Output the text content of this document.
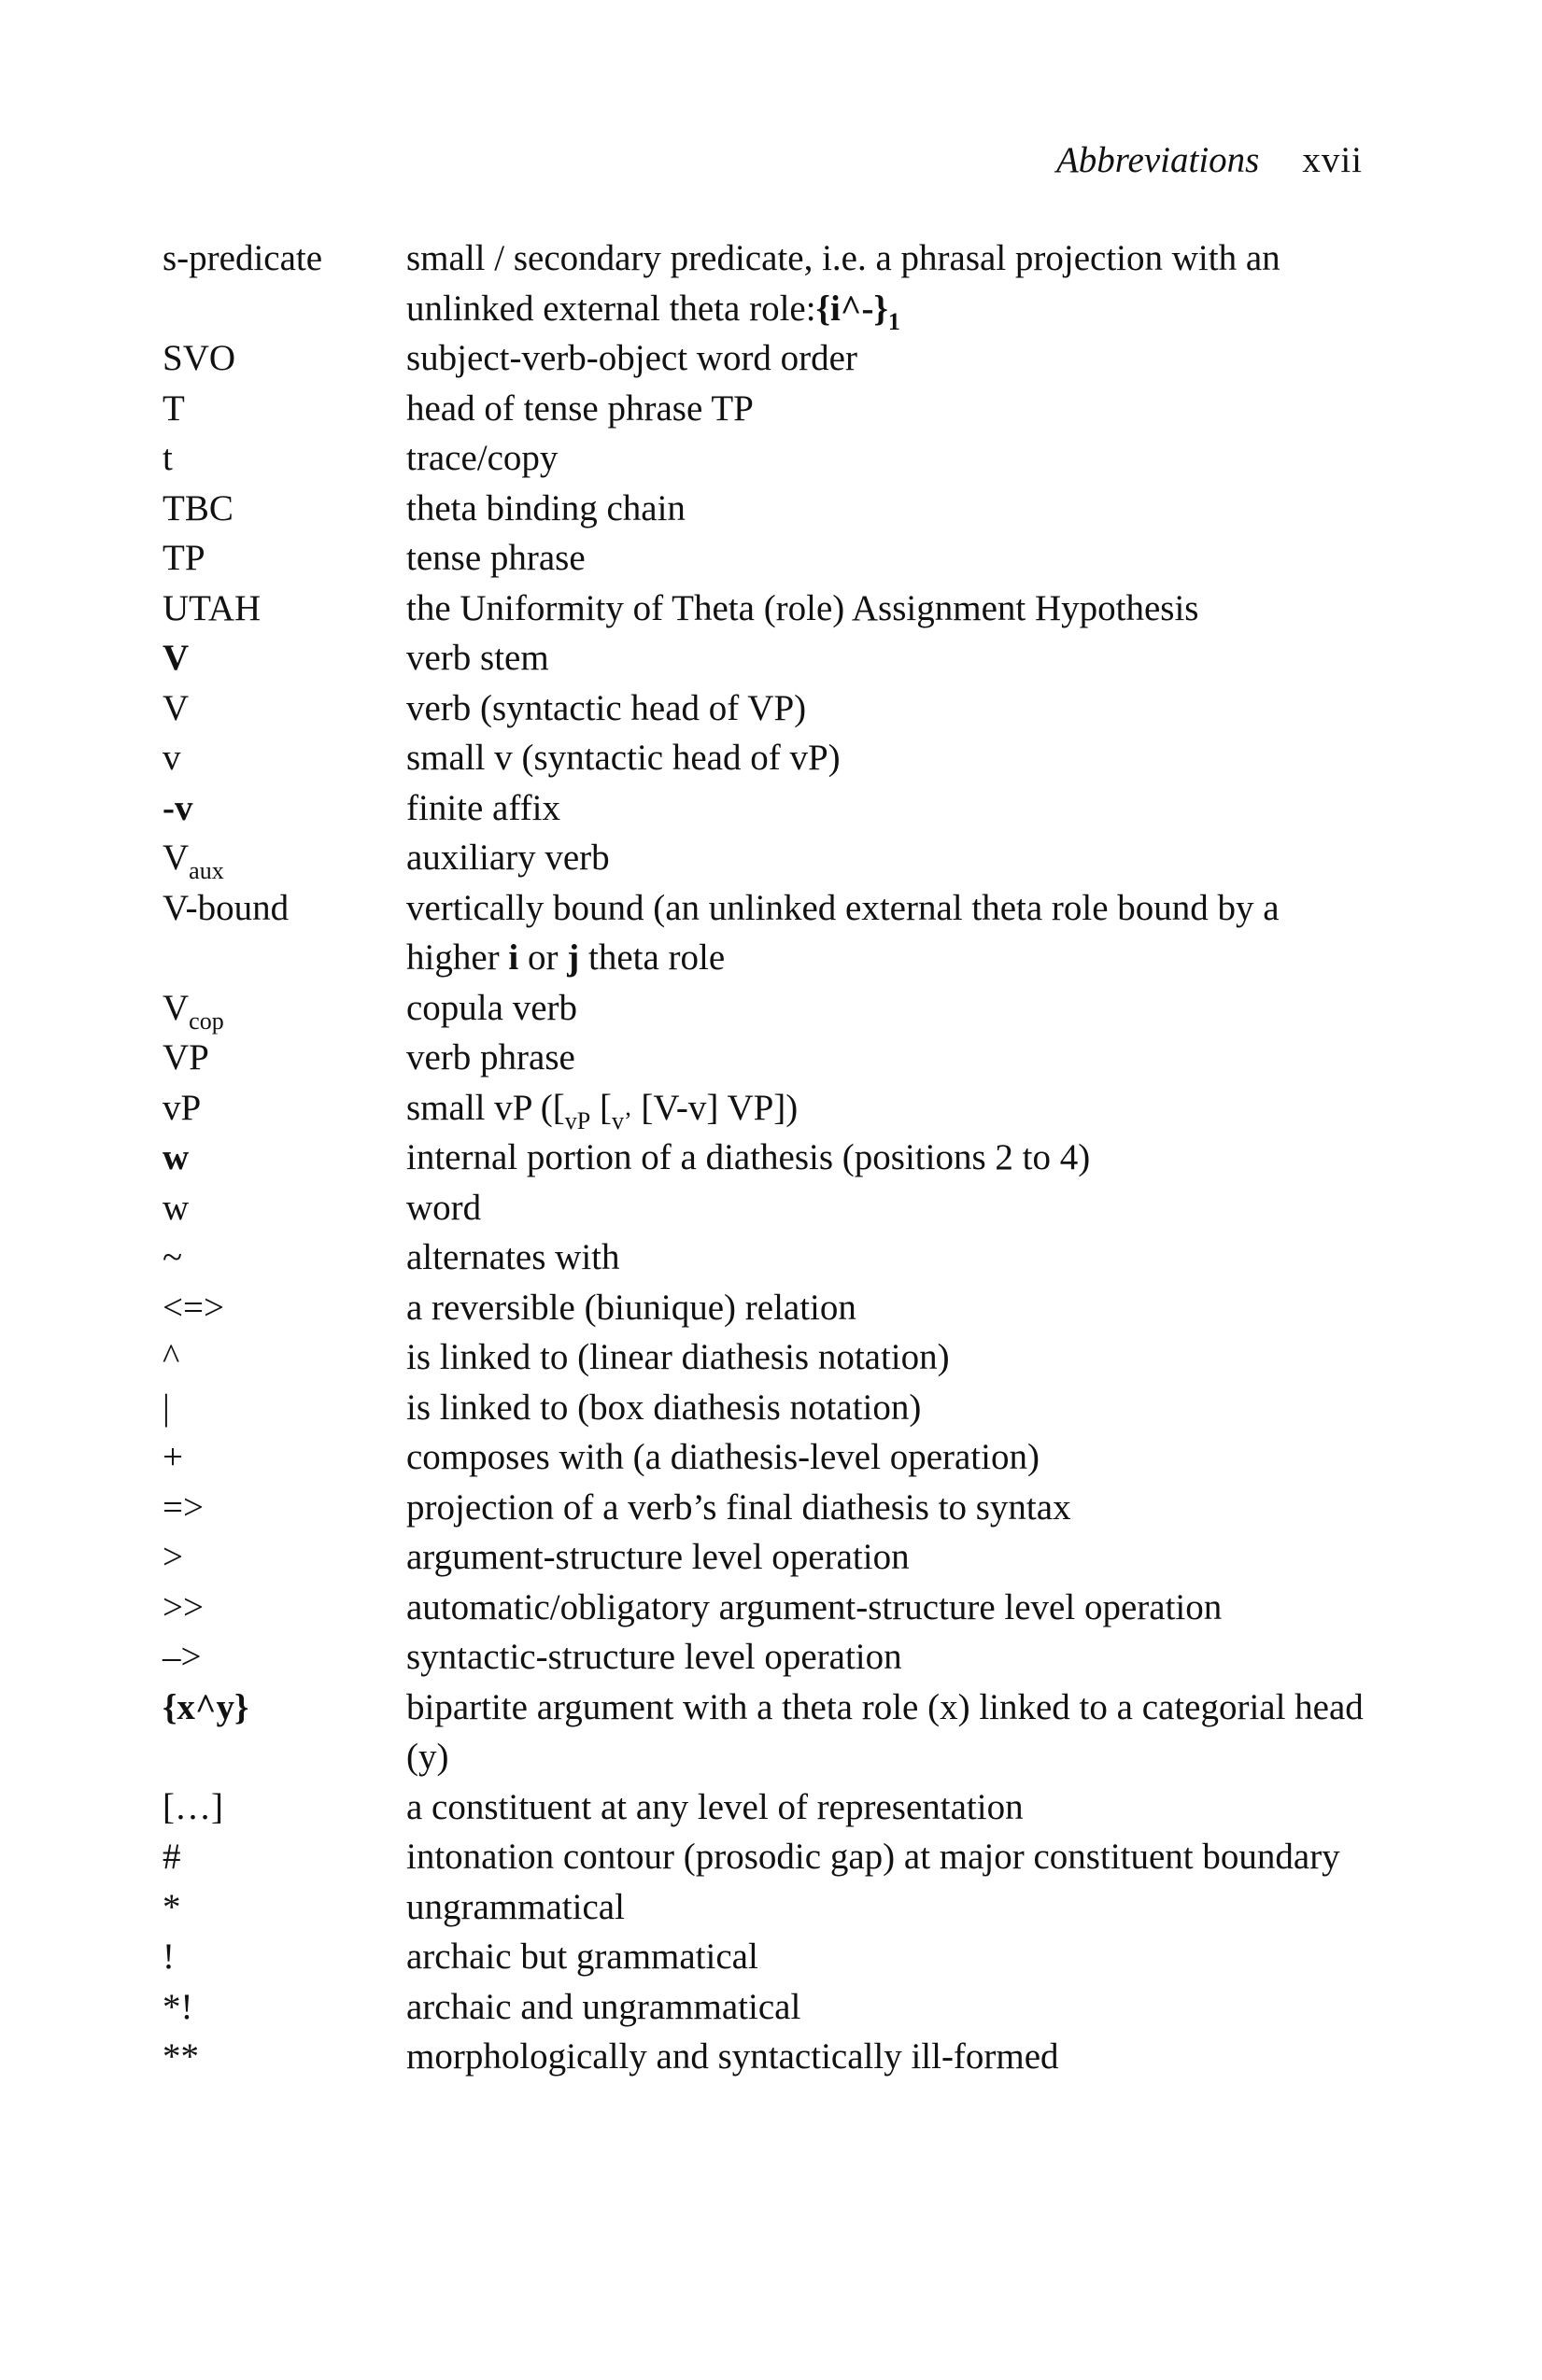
Abbreviations xvii
s-predicate	small / secondary predicate, i.e. a phrasal projection with an unlinked external theta $role:\{i\^{}-\}_1$
SVO	subject-verb-object word order
T	head of tense phrase TP
t	trace/copy
TBC	theta binding chain
TP	tense phrase
UTAH	the Uniformity of Theta (role) Assignment Hypothesis
V	verb stem
V	verb (syntactic head of VP)
v	small v (syntactic head of vP)
-v	finite affix
$V_{aux}$	auxiliary verb
V-bound	vertically bound (an unlinked external theta role bound by a higher i or j theta role
$V_{cop}$	copula verb
VP	verb phrase
vP	small vP ([$_{vP}$ [$_{v’}$ [V-v] VP])
w	internal portion of a diathesis (positions 2 to 4)
w	word
~	alternates with
<=>	a reversible (biunique) relation
^	is linked to (linear diathesis notation)
|	is linked to (box diathesis notation)
+	composes with (a diathesis-level operation)
=>	projection of a verb’s final diathesis to syntax
>	argument-structure level operation
>>	automatic/obligatory argument-structure level operation
–>	syntactic-structure level operation
{x^y}	bipartite argument with a theta role (x) linked to a categorial head (y)
[…]	a constituent at any level of representation
#	intonation contour (prosodic gap) at major constituent boundary
*	ungrammatical
!	archaic but grammatical
*!	archaic and ungrammatical
**	morphologically and syntactically ill-formed
